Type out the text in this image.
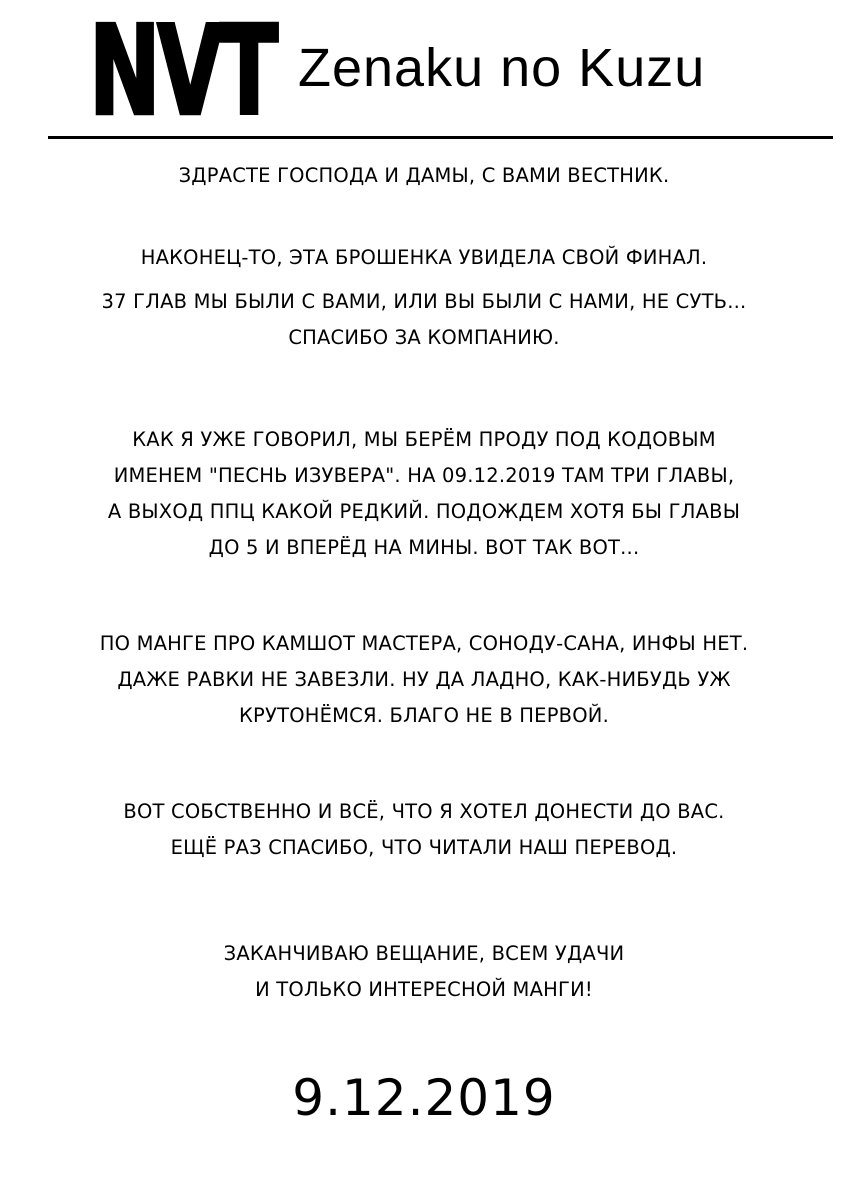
NVT Zenaku no Kuzu
ЗДРАСТЕ ГОСПОДА И ДАМЫ, С ВАМИ ВЕСТНИК.
НАКОНЕЦ-ТО, ЭТА БРОШЕНКА УВИДЕЛА СВОЙ ФИНАЛ.
37 ГЛАВ МЫ БЫЛИ С ВАМИ, ИЛИ ВЫ БЫЛИ С НАМИ, НЕ СУТЬ...
СПАСИБО ЗА КОМПАНИЮ.
КАК Я УЖЕ ГОВОРИЛ, МЫ БЕРЁМ ПРОДУ ПОД КОДОВЫМ
ИМЕНЕМ "ПЕСНЬ ИЗУВЕРА". НА 09.12.2019 ТАМ ТРИ ГЛАВЫ,
А ВЫХОД ППЦ КАКОЙ РЕДКИЙ. ПОДОЖДЕМ ХОТЯ БЫ ГЛАВЫ
ДО 5 И ВПЕРЁД НА МИНЫ. ВОТ ТАК ВОТ...
ПО МАНГЕ ПРО КАМШОТ МАСТЕРА, СОНОДУ-САНА, ИНФЫ НЕТ.
ДАЖЕ РАВКИ НЕ ЗАВЕЗЛИ. НУ ДА ЛАДНО, КАК-НИБУДЬ УЖ
КРУТОНЁМСЯ. БЛАГО НЕ В ПЕРВОЙ.
ВОТ СОБСТВЕННО И ВСЁ, ЧТО Я ХОТЕЛ ДОНЕСТИ ДО ВАС.
ЕЩЁ РАЗ СПАСИБО, ЧТО ЧИТАЛИ НАШ ПЕРЕВОД.
ЗАКАНЧИВАЮ ВЕЩАНИЕ, ВСЕМ УДАЧИ
И ТОЛЬКО ИНТЕРЕСНОЙ МАНГИ!
9.12.2019
